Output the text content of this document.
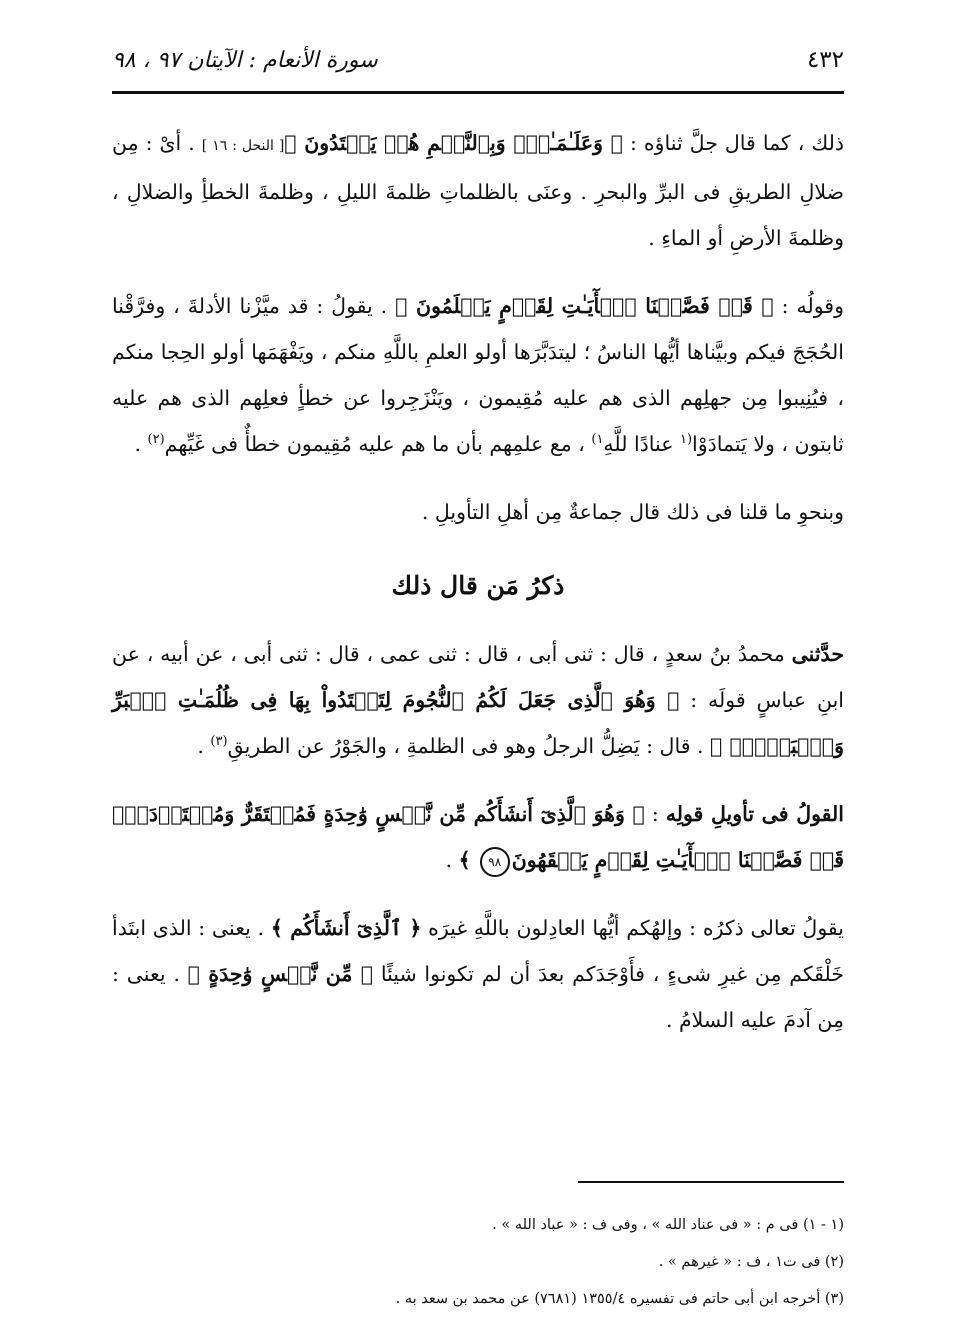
٤٣٢
سورة الأنعام : الآيتان ٩٧ ، ٩٨

ذلك ، كما قال جلَّ ثناؤه : ﴿ وَعَلَـٰمَـٰتٍۚ وَبِٱلنَّجۡمِ هُمۡ يَهۡتَدُونَ ﴾[ النحل : ١٦ ] . أىْ : مِن ضلالِ الطريقِ فى البرِّ والبحرِ . وعنَى بالظلماتِ ظلمةَ الليلِ ، وظلمةَ الخطأِ والضلالِ ، وظلمةَ الأرضِ أو الماءِ .

وقولُه : ﴿ قَدۡ فَصَّلۡنَا ٱلۡأٓيَـٰتِ لِقَوۡمٍ يَعۡلَمُونَ ﴾ . يقولُ : قد ميَّزْنا الأدلةَ ، وفرَّقْنا الحُجَجَ فيكم وبيَّناها أيُّها الناسُ ؛ ليتدَبَّرَها أولو العلمِ باللَّهِ منكم ، ويَفْهَمَها أولو الحِجا منكم ، فيُنِيبوا مِن جهلِهم الذى هم عليه مُقِيمون ، ويَنْزَجِروا عن خطأٍ فعلِهم الذى هم عليه ثابتون ، ولا يَتمادَوْا$^{(١}$ عنادًا للَّهِ$^{١)}$ ، مع علمِهم بأن ما هم عليه مُقِيمون خطأٌ فى غَيِّهم$^{(٢)}$ .

وبنحوِ ما قلنا فى ذلك قال جماعةٌ مِن أهلِ التأويلِ .

ذكرُ مَن قال ذلك

حدَّثنى محمدُ بنُ سعدٍ ، قال : ثنى أبى ، قال : ثنى عمى ، قال : ثنى أبى ، عن أبيه ، عن ابنِ عباسٍ قولَه : ﴿ وَهُوَ ٱلَّذِى جَعَلَ لَكُمُ ٱلنُّجُومَ لِتَهۡتَدُواْ بِهَا فِى ظُلُمَـٰتِ ٱلۡبَرِّ وَٱلۡبَحۡرِۗ ﴾ . قال : يَضِلُّ الرجلُ وهو فى الظلمةِ ، والجَوْرُ عن الطريقِ$^{(٣)}$ .

القولُ فى تأويلِ قولِه : ﴿ وَهُوَ ٱلَّذِىٓ أَنشَأَكُم مِّن نَّفۡسٍ وَٰحِدَةٍ فَمُسۡتَقَرٌّ وَمُسۡتَوۡدَعٌۗ قَدۡ فَصَّلۡنَا ٱلۡأٓيَـٰتِ لِقَوۡمٍ يَفۡقَهُونَ٩٨ ﴾ .

يقولُ تعالى ذكرُه : وإلهُكم أيُّها العادِلون باللَّهِ غيرَه ﴿ ٱلَّذِىٓ أَنشَأَكُم ﴾ . يعنى : الذى ابتَدأ خَلْقَكم مِن غيرِ شىءٍ ، فأَوْجَدَكم بعدَ أن لم تكونوا شيئًا ﴿ مِّن نَّفۡسٍ وَٰحِدَةٍ ﴾ . يعنى : مِن آدمَ عليه السلامُ .

(١ - ١) فى م : « فى عناد الله » ، وفى ف : « عباد الله » .
(٢) فى ت١ ، ف : « غيرهم » .
(٣) أخرجه ابن أبى حاتم فى تفسيره ١٣٥٥/٤ (٧٦٨١) عن محمد بن سعد به .
